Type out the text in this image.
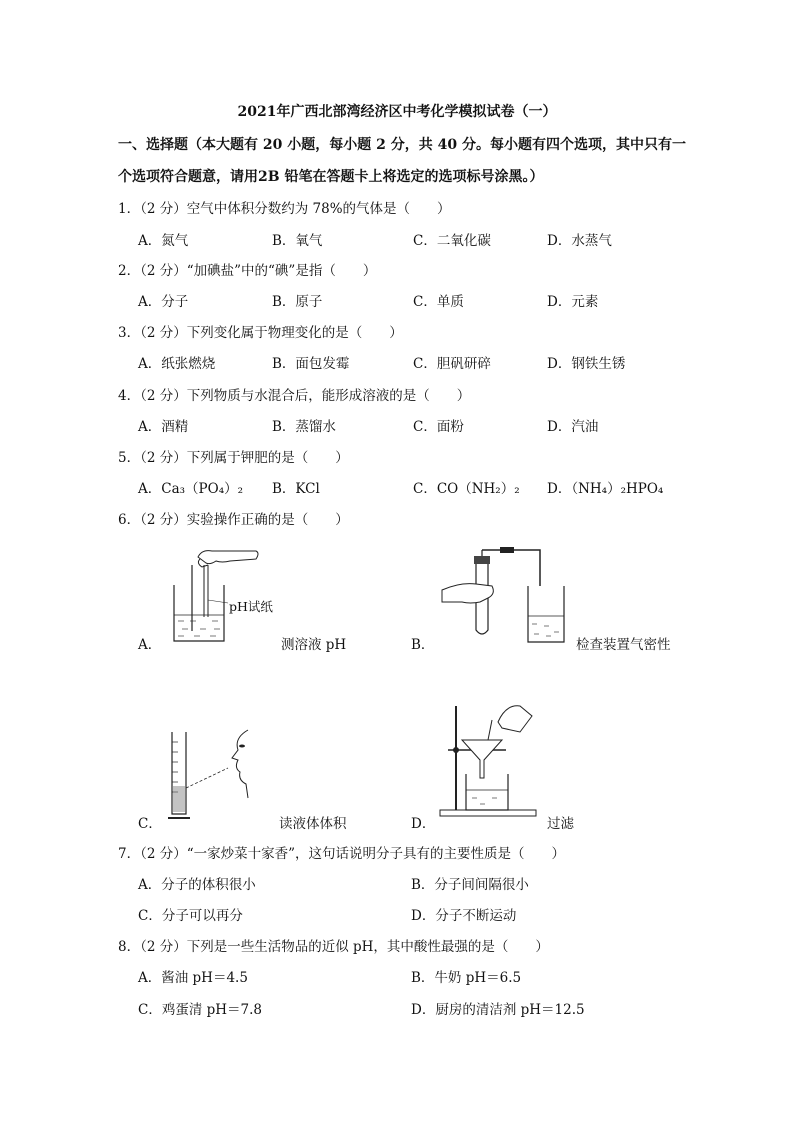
2021年广西北部湾经济区中考化学模拟试卷（一）
一、选择题（本大题有 20 小题，每小题 2 分，共 40 分。每小题有四个选项，其中只有一
个选项符合题意，请用2B 铅笔在答题卡上将选定的选项标号涂黑。）
1．（2 分）空气中体积分数约为 78%的气体是（　　）
A．氮气	B．氧气	C．二氧化碳	D．水蒸气
2．（2 分）“加碘盐”中的“碘”是指（　　）
A．分子	B．原子	C．单质	D．元素
3．（2 分）下列变化属于物理变化的是（　　）
A．纸张燃烧	B．面包发霉	C．胆矾研碎	D．钢铁生锈
4．（2 分）下列物质与水混合后，能形成溶液的是（　　）
A．酒精	B．蒸馏水	C．面粉	D．汽油
5．（2 分）下列属于钾肥的是（　　）
A．Ca₃（PO₄）₂ B．KCl	C．CO（NH₂）₂ D．（NH₄）₂HPO₄
6．（2 分）实验操作正确的是（　　）
pH试纸
A．	测溶液 pH	B．	检查装置气密性
C．	读液体体积	D．	过滤
7．（2 分）“一家炒菜十家香”，这句话说明分子具有的主要性质是（　　）
A．分子的体积很小	B．分子间间隔很小
C．分子可以再分	D．分子不断运动
8．（2 分）下列是一些生活物品的近似 pH，其中酸性最强的是（　　）
A．酱油 pH＝4.5	B．牛奶 pH＝6.5
C．鸡蛋清 pH＝7.8	D．厨房的清洁剂 pH＝12.5
